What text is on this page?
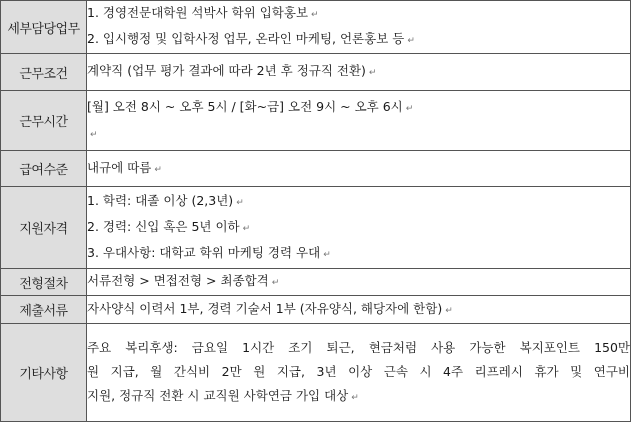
세부담당업무	1. 경영전문대학원 석박사 학위 입학홍보 ↵
2. 입시행정 및 입학사정 업무, 온라인 마케팅, 언론홍보 등 ↵

근무조건	계약직 (업무 평가 결과에 따라 2년 후 정규직 전환) ↵

근무시간	[월] 오전 8시 ~ 오후 5시 / [화~금] 오전 9시 ~ 오후 6시 ↵
↵

급여수준	내규에 따름 ↵

지원자격	1. 학력: 대졸 이상 (2,3년) ↵
2. 경력: 신입 혹은 5년 이하 ↵
3. 우대사항: 대학교 학위 마케팅 경력 우대 ↵

전형절차	서류전형 > 면접전형 > 최종합격 ↵

제출서류	자사양식 이력서 1부, 경력 기술서 1부 (자유양식, 해당자에 한함) ↵

기타사항	주요 복리후생: 금요일 1시간 조기 퇴근, 현금처럼 사용 가능한 복지포인트 150만
원 지급, 월 간식비 2만 원 지급, 3년 이상 근속 시 4주 리프레시 휴가 및 연구비
지원, 정규직 전환 시 교직원 사학연금 가입 대상 ↵
